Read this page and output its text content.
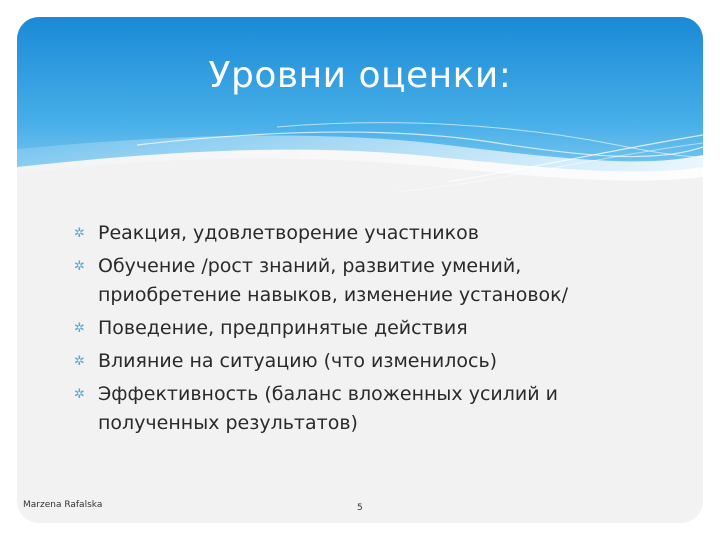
Уровни оценки:
✲ Реакция, удовлетворение участников
✲ Обучение /рост знаний, развитие умений, приобретение навыков, изменение установок/
✲ Поведение, предпринятые действия
✲ Влияние на ситуацию (что изменилось)
✲ Эффективность (баланс вложенных усилий и полученных результатов)
Marzena Rafalska	5
